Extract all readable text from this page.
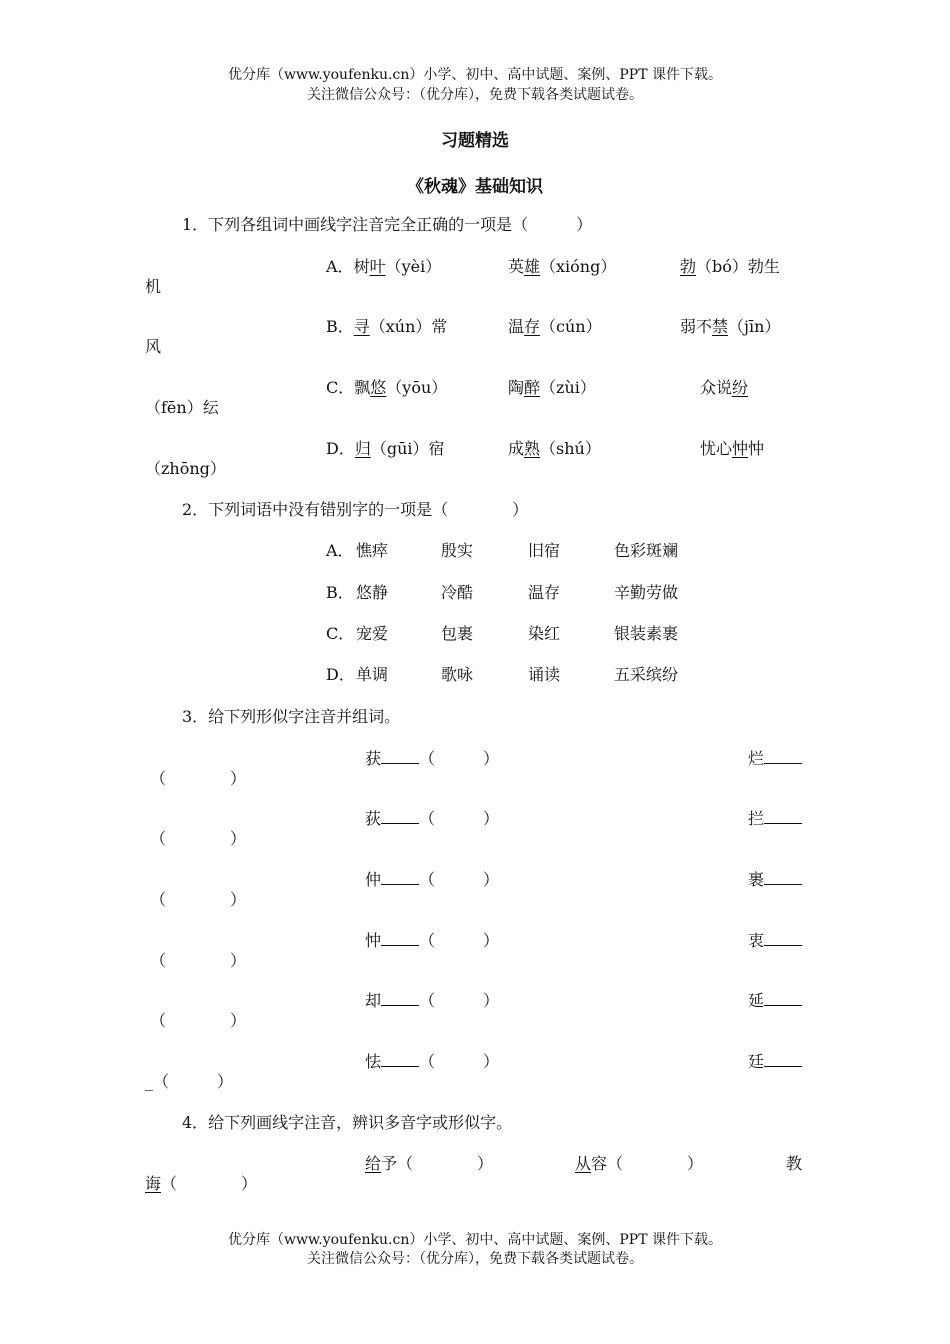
优分库（www.youfenku.cn）小学、初中、高中试题、案例、PPT 课件下载。
关注微信公众号：（优分库），免费下载各类试题试卷。
习题精选
《秋魂》基础知识
1．下列各组词中画线字注音完全正确的一项是（　　　）
A．树叶（yèi）	英雄（xióng）	勃（bó）勃生
机
B．寻（xún）常	温存（cún）	弱不禁（jīn）
风
C．飘悠（yōu）	陶醉（zùi）	众说纷
（fēn）纭
D．归（gūi）宿	成熟（shú）	忧心忡忡
（zhōng）
2．下列词语中没有错别字的一项是（　　　　）
A． 憔瘁	殷实	旧宿	色彩斑斓
B． 悠静	冷酷	温存	辛勤劳做
C． 宠爱	包裹	染红	银装素裹
D． 单调	歌咏	诵读	五采缤纷
3．给下列形似字注音并组词。
获 （　　　）	烂
（　　　　）
荻 （　　　）	拦
（　　　　）
仲 （　　　）	裹
（　　　　）
忡 （　　　）	衷
（　　　　）
却 （　　　）	延
（　　　　）
怯 （　　　）	廷
_（　　　）
4．给下列画线字注音，辨识多音字或形似字。
给予（　　　　）	从容（　　　　）	教
诲（　　　　）
优分库（www.youfenku.cn）小学、初中、高中试题、案例、PPT 课件下载。
关注微信公众号：（优分库），免费下载各类试题试卷。
